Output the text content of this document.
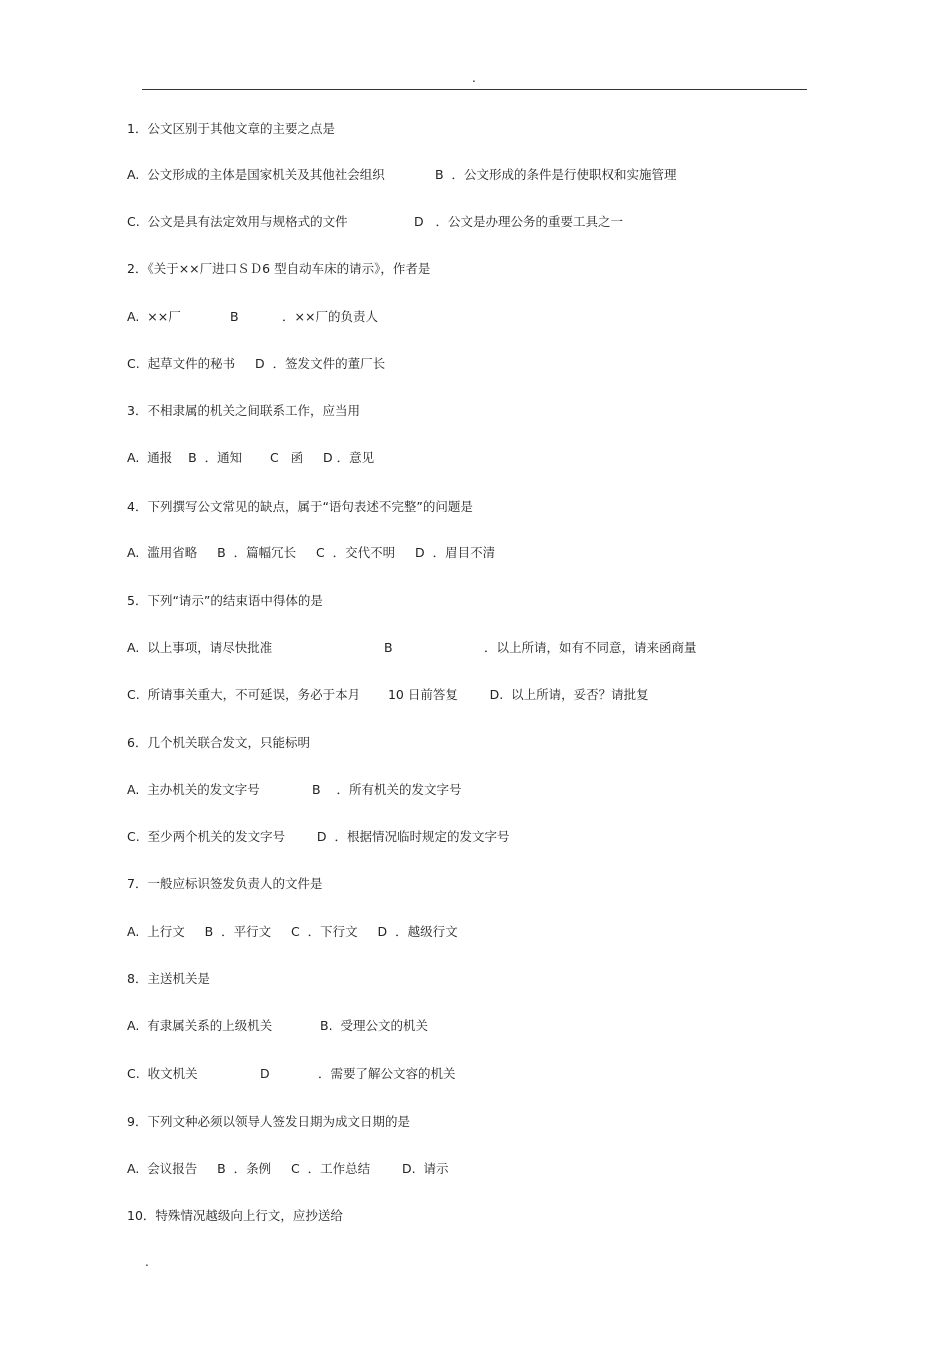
.

1．公文区别于其他文章的主要之点是

A.  公文形成的主体是国家机关及其他社会组织

	B  ．公文形成的条件是行使职权和实施管理

C.  公文是具有法定效用与规格式的文件

	D   ．公文是办理公务的重要工具之一

2．《关于××厂进口ＳＤ6 型自动车床的请示》，作者是

A.  ××厂

	B

	．××厂的负责人

C.  起草文件的秘书     D  ．签发文件的董厂长

3．不相隶属的机关之间联系工作，应当用

A.  通报    B  ．通知       C   函     D ．意见

4．下列撰写公文常见的缺点，属于“语句表述不完整”的问题是

A.  滥用省略     B  ．篇幅冗长     C  ．交代不明     D  ．眉目不清

5．下列“请示”的结束语中得体的是

A.  以上事项，请尽快批准

	B

	．以上所请，如有不同意，请来函商量

C.  所请事关重大，不可延误，务必于本月       10 日前答复        D.  以上所请，妥否？请批复

6．几个机关联合发文，只能标明

A.  主办机关的发文字号

	B    ．所有机关的发文字号

C.  至少两个机关的发文字号        D  ．根据情况临时规定的发文字号

7．一般应标识签发负责人的文件是

A.  上行文     B  ．平行文     C  ．下行文     D  ．越级行文

8．主送机关是

A.  有隶属关系的上级机关

	B.  受理公文的机关

C.  收文机关

	D

	．需要了解公文容的机关

9．下列文种必须以领导人签发日期为成文日期的是

A.  会议报告     B  ．条例     C  ．工作总结        D.  请示

10．特殊情况越级向上行文，应抄送给

.
